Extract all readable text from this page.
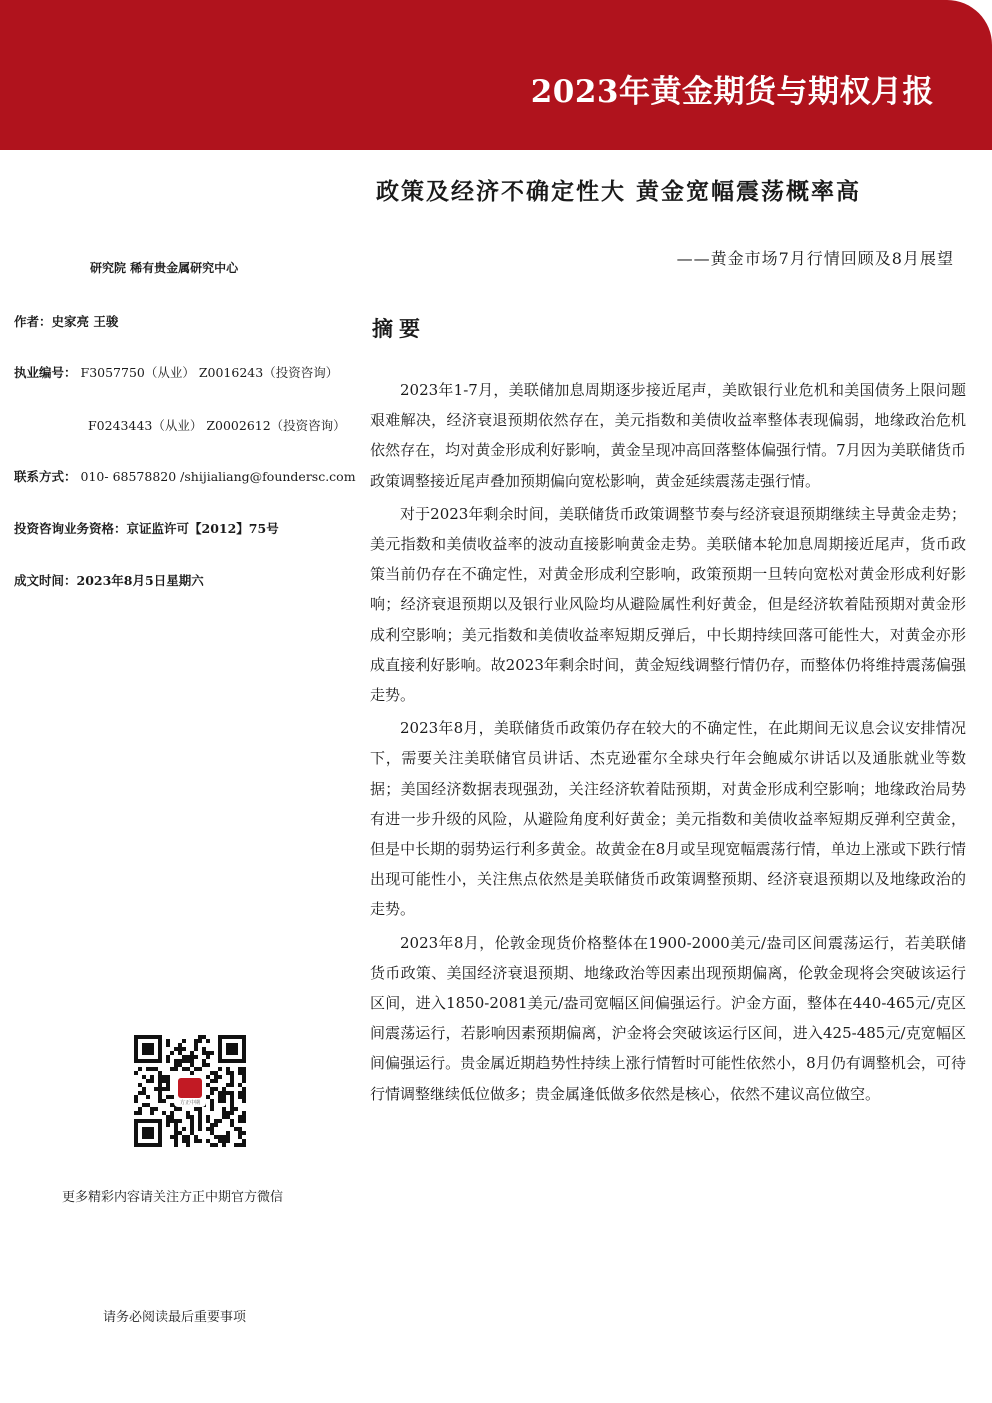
2023年黄金期货与期权月报
政策及经济不确定性大 黄金宽幅震荡概率高
——黄金市场7月行情回顾及8月展望
研究院 稀有贵金属研究中心
作者：史家亮 王骏
执业编号： F3057750（从业） Z0016243（投资咨询）
F0243443（从业） Z0002612（投资咨询）
联系方式： 010- 68578820 /shijialiang@foundersc.com
投资咨询业务资格：京证监许可【2012】75号
成文时间：2023年8月5日星期六
摘要

2023年1-7月，美联储加息周期逐步接近尾声，美欧银行业危机和美国债务上限问题艰难解决，经济衰退预期依然存在，美元指数和美债收益率整体表现偏弱，地缘政治危机依然存在，均对黄金形成利好影响，黄金呈现冲高回落整体偏强行情。7月因为美联储货币政策调整接近尾声叠加预期偏向宽松影响，黄金延续震荡走强行情。

对于2023年剩余时间，美联储货币政策调整节奏与经济衰退预期继续主导黄金走势；美元指数和美债收益率的波动直接影响黄金走势。美联储本轮加息周期接近尾声，货币政策当前仍存在不确定性，对黄金形成利空影响，政策预期一旦转向宽松对黄金形成利好影响；经济衰退预期以及银行业风险均从避险属性利好黄金，但是经济软着陆预期对黄金形成利空影响；美元指数和美债收益率短期反弹后，中长期持续回落可能性大，对黄金亦形成直接利好影响。故2023年剩余时间，黄金短线调整行情仍存，而整体仍将维持震荡偏强走势。

2023年8月，美联储货币政策仍存在较大的不确定性，在此期间无议息会议安排情况下，需要关注美联储官员讲话、杰克逊霍尔全球央行年会鲍威尔讲话以及通胀就业等数据；美国经济数据表现强劲，关注经济软着陆预期，对黄金形成利空影响；地缘政治局势有进一步升级的风险，从避险角度利好黄金；美元指数和美债收益率短期反弹利空黄金，但是中长期的弱势运行利多黄金。故黄金在8月或呈现宽幅震荡行情，单边上涨或下跌行情出现可能性小，关注焦点依然是美联储货币政策调整预期、经济衰退预期以及地缘政治的走势。

2023年8月，伦敦金现货价格整体在1900-2000美元/盎司区间震荡运行，若美联储货币政策、美国经济衰退预期、地缘政治等因素出现预期偏离，伦敦金现将会突破该运行区间，进入1850-2081美元/盎司宽幅区间偏强运行。沪金方面，整体在440-465元/克区间震荡运行，若影响因素预期偏离，沪金将会突破该运行区间，进入425-485元/克宽幅区间偏强运行。贵金属近期趋势性持续上涨行情暂时可能性依然小，8月仍有调整机会，可待行情调整继续低位做多；贵金属逢低做多依然是核心，依然不建议高位做空。

方正中期
更多精彩内容请关注方正中期官方微信
请务必阅读最后重要事项
